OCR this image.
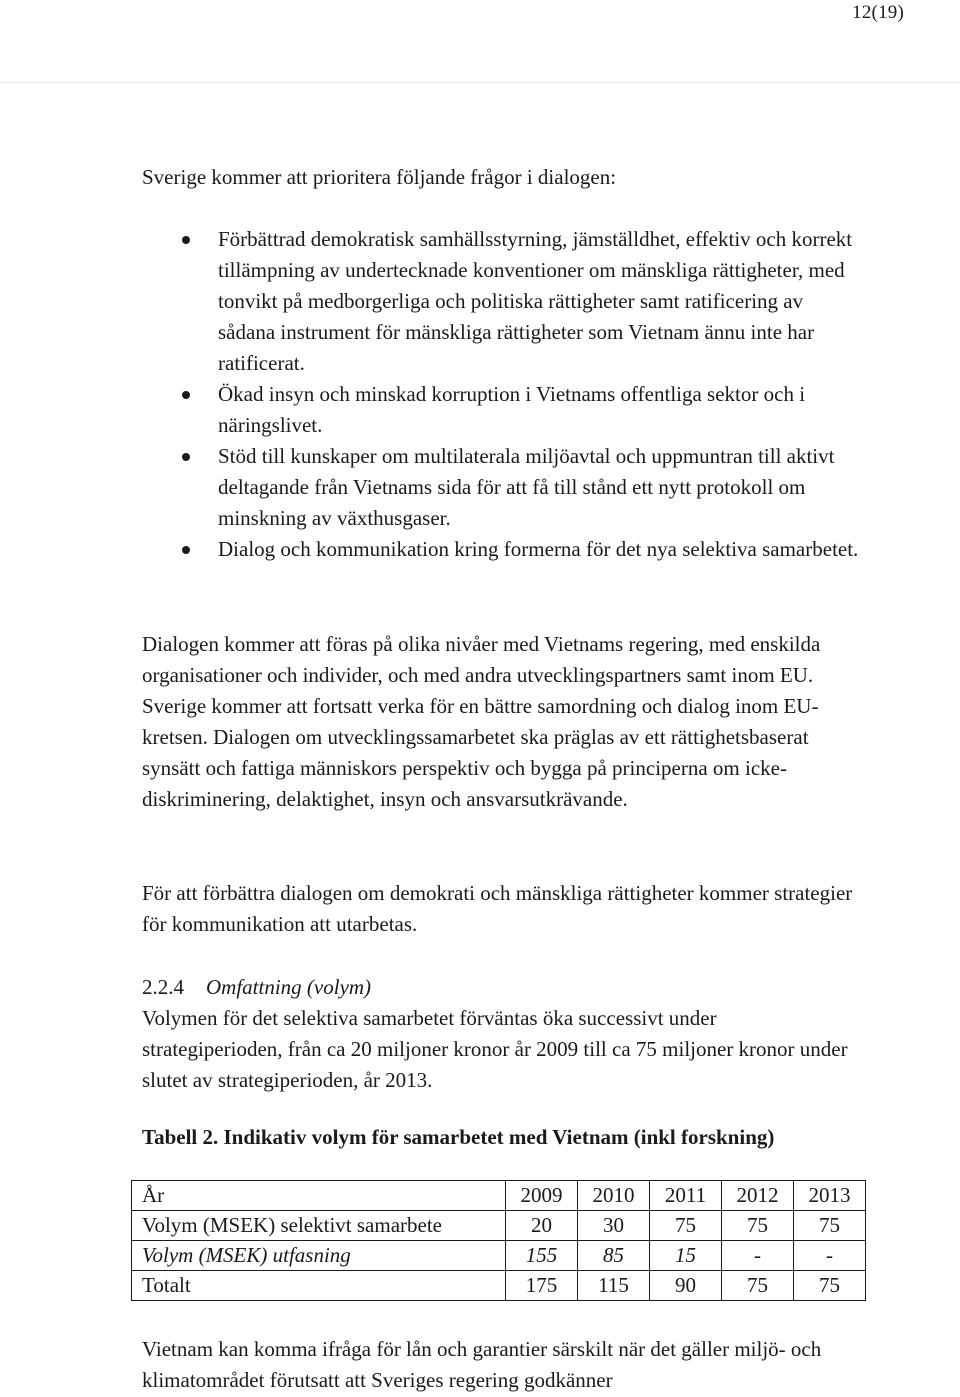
12(19)

Sverige kommer att prioritera följande frågor i dialogen:

Förbättrad demokratisk samhällsstyrning, jämställdhet, effektiv och korrekt tillämpning av undertecknade konventioner om mänskliga rättigheter, med tonvikt på medborgerliga och politiska rättigheter samt ratificering av sådana instrument för mänskliga rättigheter som Vietnam ännu inte har ratificerat.
Ökad insyn och minskad korruption i Vietnams offentliga sektor och i näringslivet.
Stöd till kunskaper om multilaterala miljöavtal och uppmuntran till aktivt deltagande från Vietnams sida för att få till stånd ett nytt protokoll om minskning av växthusgaser.
Dialog och kommunikation kring formerna för det nya selektiva samarbetet.

Dialogen kommer att föras på olika nivåer med Vietnams regering, med enskilda organisationer och individer, och med andra utvecklingspartners samt inom EU. Sverige kommer att fortsatt verka för en bättre samordning och dialog inom EU-kretsen. Dialogen om utvecklingssamarbetet ska präglas av ett rättighetsbaserat synsätt och fattiga människors perspektiv och bygga på principerna om icke-diskriminering, delaktighet, insyn och ansvarsutkrävande.

För att förbättra dialogen om demokrati och mänskliga rättigheter kommer strategier för kommunikation att utarbetas.

2.2.4 Omfattning (volym)

Volymen för det selektiva samarbetet förväntas öka successivt under strategiperioden, från ca 20 miljoner kronor år 2009 till ca 75 miljoner kronor under slutet av strategiperioden, år 2013.

Tabell 2. Indikativ volym för samarbetet med Vietnam (inkl forskning)
År	2009	2010	2011	2012	2013
Volym (MSEK) selektivt samarbete	20	30	75	75	75
Volym (MSEK) utfasning	155	85	15	-	-
Totalt	175	115	90	75	75

Vietnam kan komma ifråga för lån och garantier särskilt när det gäller miljö- och klimatområdet förutsatt att Sveriges regering godkänner
